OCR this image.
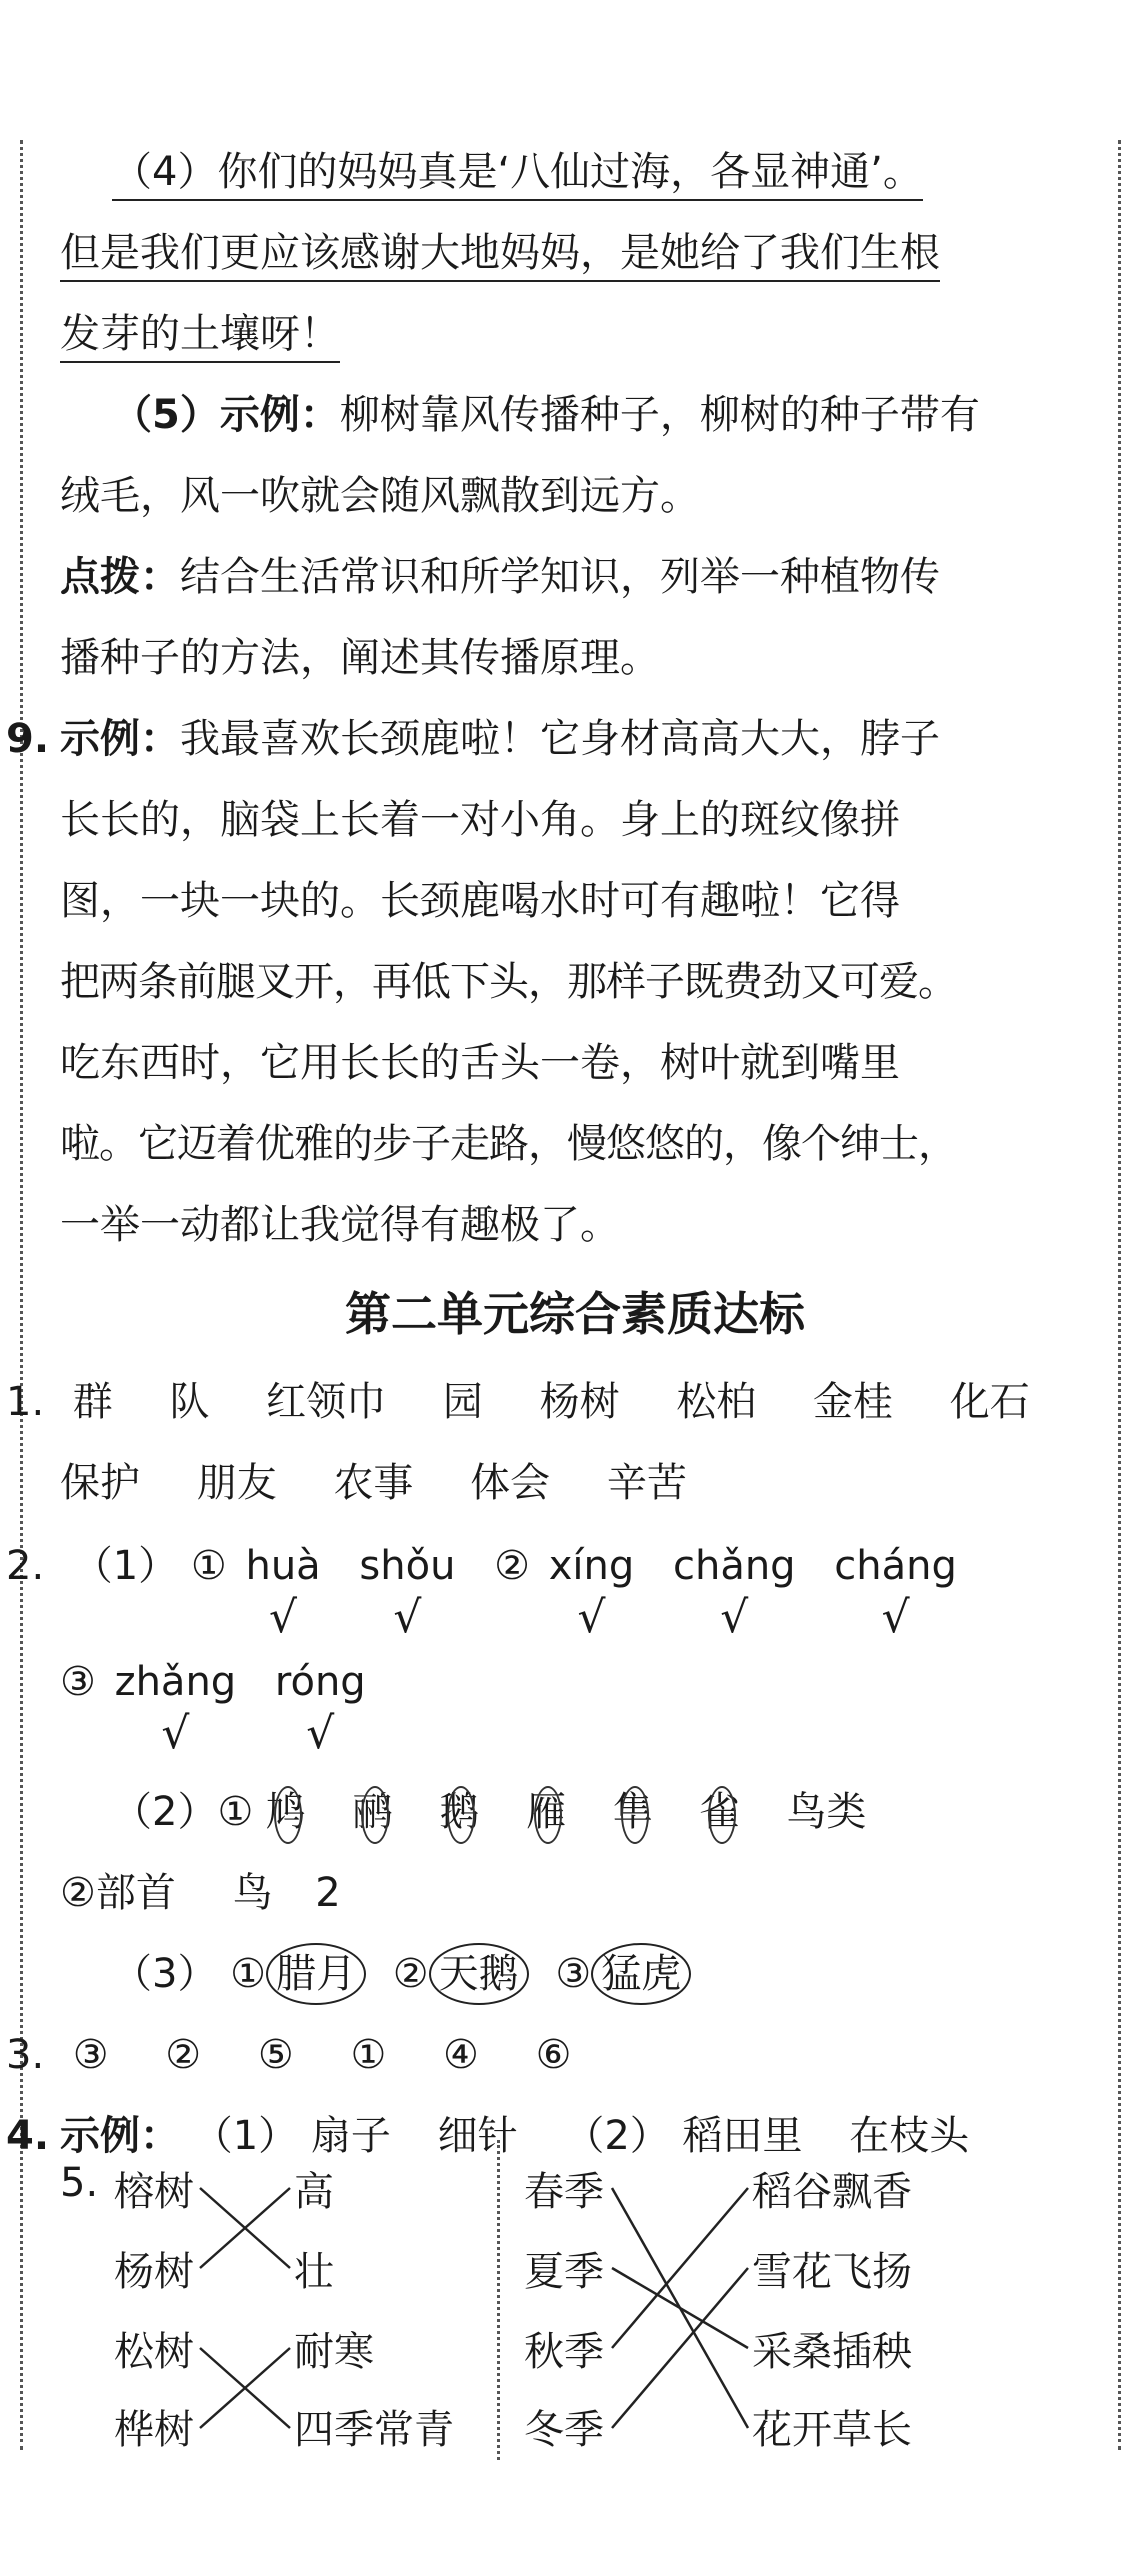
（4）你们的妈妈真是‘八仙过海，各显神通’。
但是我们更应该感谢大地妈妈，是她给了我们生根
发芽的土壤呀！
（5）示例：柳树靠风传播种子，柳树的种子带有
绒毛，风一吹就会随风飘散到远方。
点拨：结合生活常识和所学知识，列举一种植物传
播种子的方法，阐述其传播原理。
9. 示例：我最喜欢长颈鹿啦！它身材高高大大，脖子
长长的，脑袋上长着一对小角。身上的斑纹像拼
图，一块一块的。长颈鹿喝水时可有趣啦！它得
把两条前腿叉开，再低下头，那样子既费劲又可爱。
吃东西时，它用长长的舌头一卷，树叶就到嘴里
啦。它迈着优雅的步子走路，慢悠悠的，像个绅士，
一举一动都让我觉得有趣极了。
第二单元综合素质达标
1. 群 队 红领巾 园 杨树 松柏 金桂 化石
保护 朋友 农事 体会 辛苦
2. （1） ① huà
√

shǒu
√
② xíng
√

chǎng
√

cháng
√
③ zhǎng
√

róng
√
（2）① 鸠 鹂 鹅 雁 隼 雀 鸟类
②部首 鸟 2
（3） ① 腊月 ② 天鹅 ③ 猛虎
3. ③ ② ⑤ ① ④ ⑥
4. 示例： （1） 扇子 细针 （2） 稻田里 在枝头
5. 榕树
杨树
松树
桦树
高
壮
耐寒
四季常青
春季
夏季
秋季
冬季
稻谷飘香
雪花飞扬
采桑插秧
花开草长
